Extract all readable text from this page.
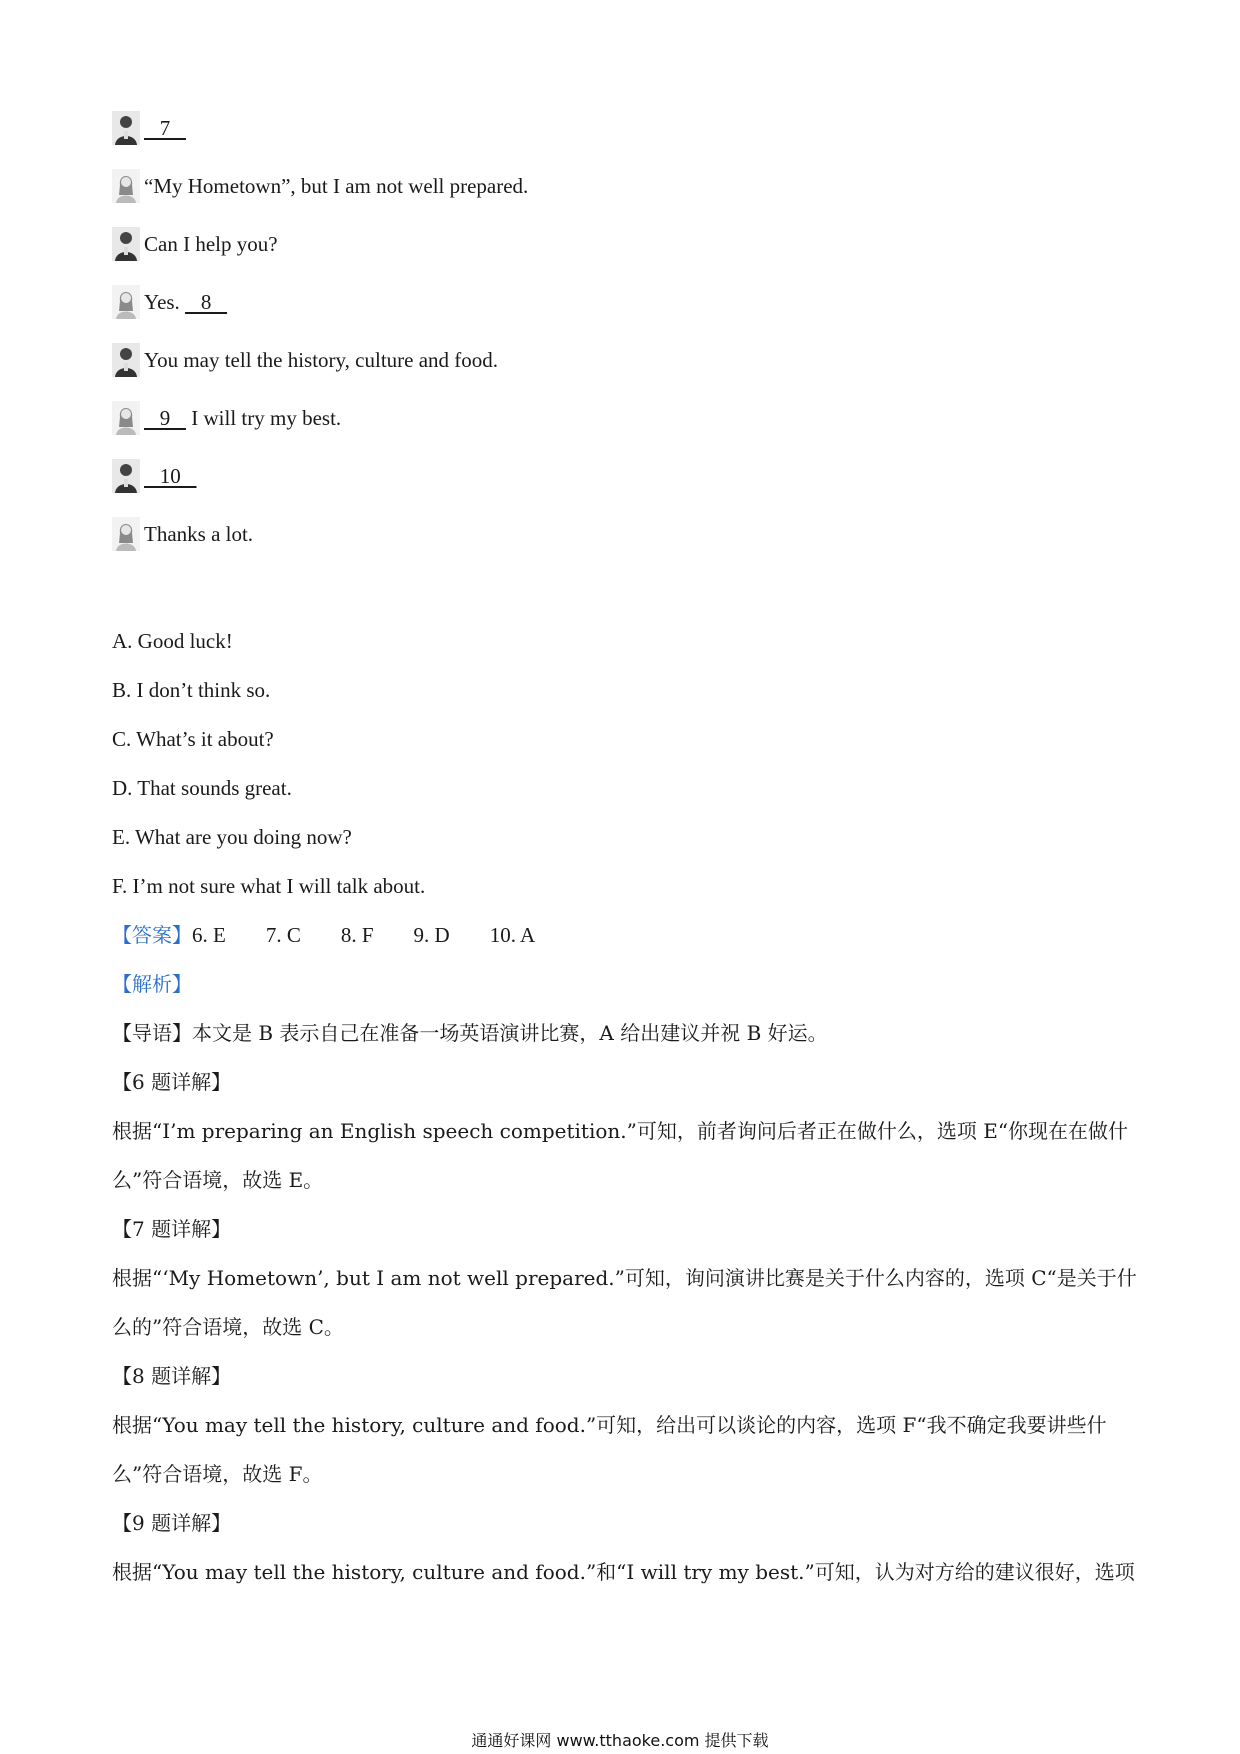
7
“My Hometown”, but I am not well prepared.
Can I help you?
Yes. 8
You may tell the history, culture and food.
9 I will try my best.
10
Thanks a lot.
A. Good luck!
B. I don’t think so.
C. What’s it about?
D. That sounds great.
E. What are you doing now?
F. I’m not sure what I will talk about.
【答案】6. E 7. C 8. F 9. D 10. A
【解析】
【导语】本文是 B 表示自己在准备一场英语演讲比赛，A 给出建议并祝 B 好运。
【6 题详解】
根据“I’m preparing an English speech competition.”可知，前者询问后者正在做什么，选项 E“你现在在做什
么”符合语境，故选 E。
【7 题详解】
根据“‘My Hometown’, but I am not well prepared.”可知，询问演讲比赛是关于什么内容的，选项 C“是关于什
么的”符合语境，故选 C。
【8 题详解】
根据“You may tell the history, culture and food.”可知，给出可以谈论的内容，选项 F“我不确定我要讲些什
么”符合语境，故选 F。
【9 题详解】
根据“You may tell the history, culture and food.”和“I will try my best.”可知，认为对方给的建议很好，选项
通通好课网 www.tthaoke.com 提供下载
